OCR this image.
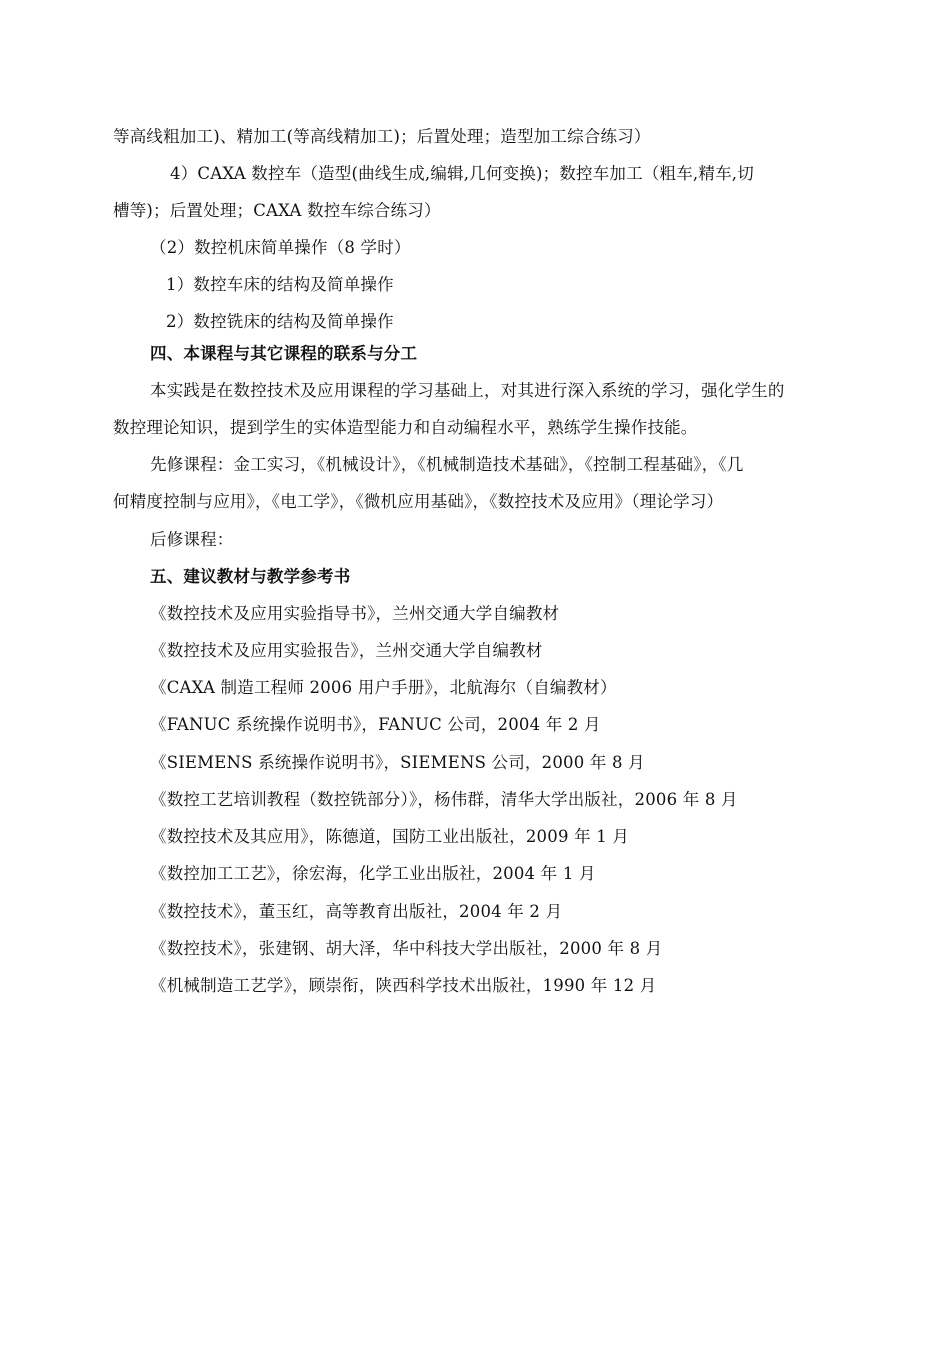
等高线粗加工)、精加工(等高线精加工)；后置处理；造型加工综合练习）
4）CAXA 数控车（造型(曲线生成,编辑,几何变换)；数控车加工（粗车,精车,切
槽等)；后置处理；CAXA 数控车综合练习）
（2）数控机床简单操作（8 学时）
1）数控车床的结构及简单操作
2）数控铣床的结构及简单操作
四、本课程与其它课程的联系与分工
本实践是在数控技术及应用课程的学习基础上，对其进行深入系统的学习，强化学生的
数控理论知识，提到学生的实体造型能力和自动编程水平，熟练学生操作技能。
先修课程：金工实习，《机械设计》，《机械制造技术基础》，《控制工程基础》，《几
何精度控制与应用》，《电工学》，《微机应用基础》，《数控技术及应用》（理论学习）
后修课程：
五、建议教材与教学参考书
《数控技术及应用实验指导书》，兰州交通大学自编教材
《数控技术及应用实验报告》，兰州交通大学自编教材
《CAXA 制造工程师 2006 用户手册》，北航海尔（自编教材）
《FANUC 系统操作说明书》，FANUC 公司，2004 年 2 月
《SIEMENS 系统操作说明书》，SIEMENS 公司，2000 年 8 月
《数控工艺培训教程（数控铣部分）》，杨伟群，清华大学出版社，2006 年 8 月
《数控技术及其应用》，陈德道，国防工业出版社，2009 年 1 月
《数控加工工艺》，徐宏海，化学工业出版社，2004 年 1 月
《数控技术》，董玉红，高等教育出版社，2004 年 2 月
《数控技术》，张建钢、胡大泽，华中科技大学出版社，2000 年 8 月
《机械制造工艺学》，顾崇衔，陕西科学技术出版社，1990 年 12 月
